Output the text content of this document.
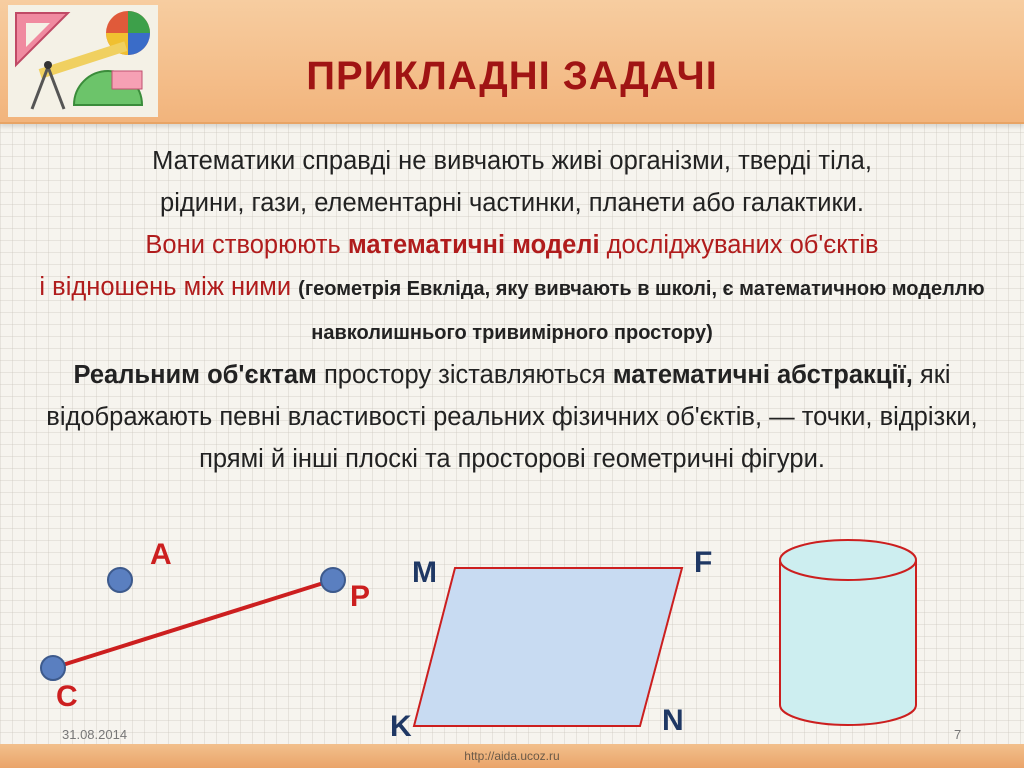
ПРИКЛАДНІ ЗАДАЧІ
Математики справді не вивчають живі організми, тверді тіла,
рідини, гази, елементарні частинки, планети або галактики.
Вони створюють математичні моделі досліджуваних об'єктів
і відношень між ними (геометрія Евкліда, яку вивчають в школі, є математичною моделлю навколишнього тривимірного простору)
Реальним об'єктам простору зіставляються математичні абстракції, які відображають певні властивості реальних фізичних об'єктів, — точки, відрізки, прямі й інші плоскі та просторові геометричні фігури.
A
P
C
M	F
K	N
31.08.2014	7
http://aida.ucoz.ru
